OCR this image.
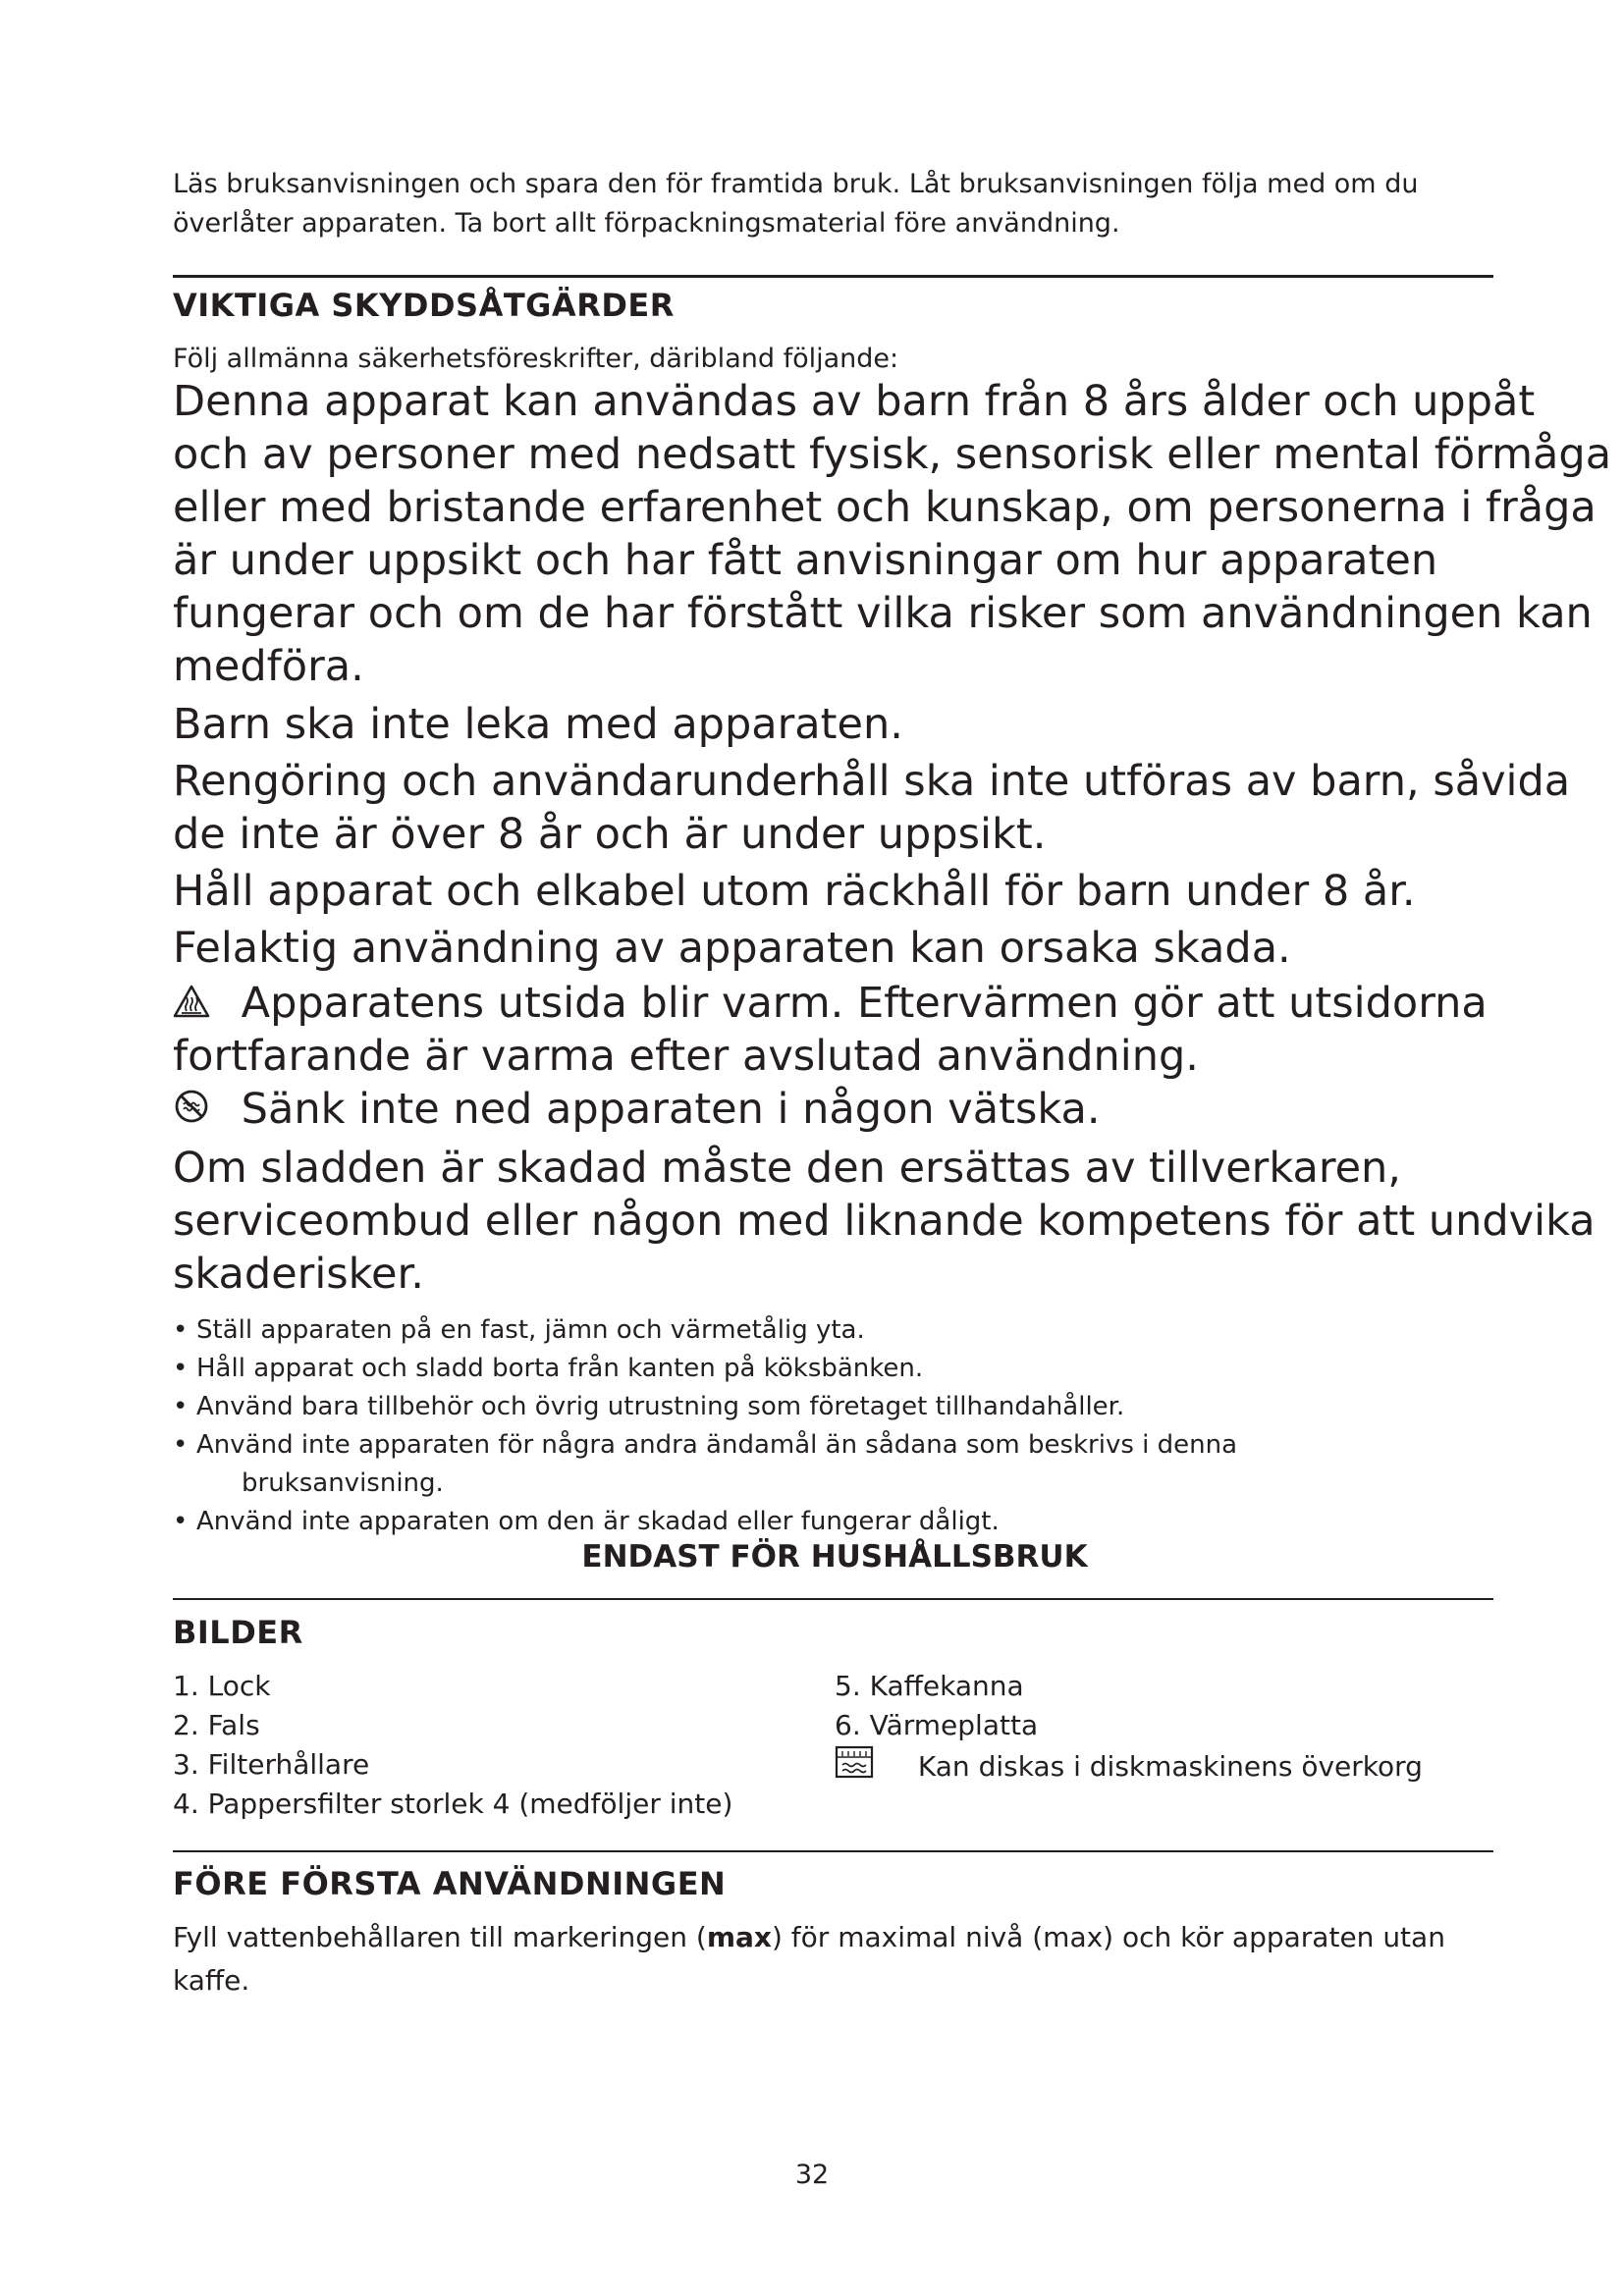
Läs bruksanvisningen och spara den för framtida bruk. Låt bruksanvisningen följa med om du
överlåter apparaten. Ta bort allt förpackningsmaterial före användning.
VIKTIGA SKYDDSÅTGÄRDER
Följ allmänna säkerhetsföreskrifter, däribland följande:

Denna apparat kan användas av barn från 8 års ålder och uppåt

och av personer med nedsatt fysisk, sensorisk eller mental förmåga

eller med bristande erfarenhet och kunskap, om personerna i fråga

är under uppsikt och har fått anvisningar om hur apparaten

fungerar och om de har förstått vilka risker som användningen kan

medföra.

Barn ska inte leka med apparaten.

Rengöring och användarunderhåll ska inte utföras av barn, såvida

de inte är över 8 år och är under uppsikt.

Håll apparat och elkabel utom räckhåll för barn under 8 år.

Felaktig användning av apparaten kan orsaka skada.

Apparatens utsida blir varm. Eftervärmen gör att utsidorna

fortfarande är varma efter avslutad användning.

Sänk inte ned apparaten i någon vätska.

Om sladden är skadad måste den ersättas av tillverkaren,

serviceombud eller någon med liknande kompetens för att undvika

skaderisker.

• Ställ apparaten på en fast, jämn och värmetålig yta.
• Håll apparat och sladd borta från kanten på köksbänken.
• Använd bara tillbehör och övrig utrustning som företaget tillhandahåller.
• Använd inte apparaten för några andra ändamål än sådana som beskrivs i denna
bruksanvisning.
• Använd inte apparaten om den är skadad eller fungerar dåligt.

ENDAST FÖR HUSHÅLLSBRUK

BILDER
1. Lock
2. Fals
3. Filterhållare
4. Pappersfilter storlek 4 (medföljer inte)
5. Kaffekanna
6. Värmeplatta
Kan diskas i diskmaskinens överkorg
FÖRE FÖRSTA ANVÄNDNINGEN
Fyll vattenbehållaren till markeringen (max) för maximal nivå (max) och kör apparaten utan
kaffe.
32
